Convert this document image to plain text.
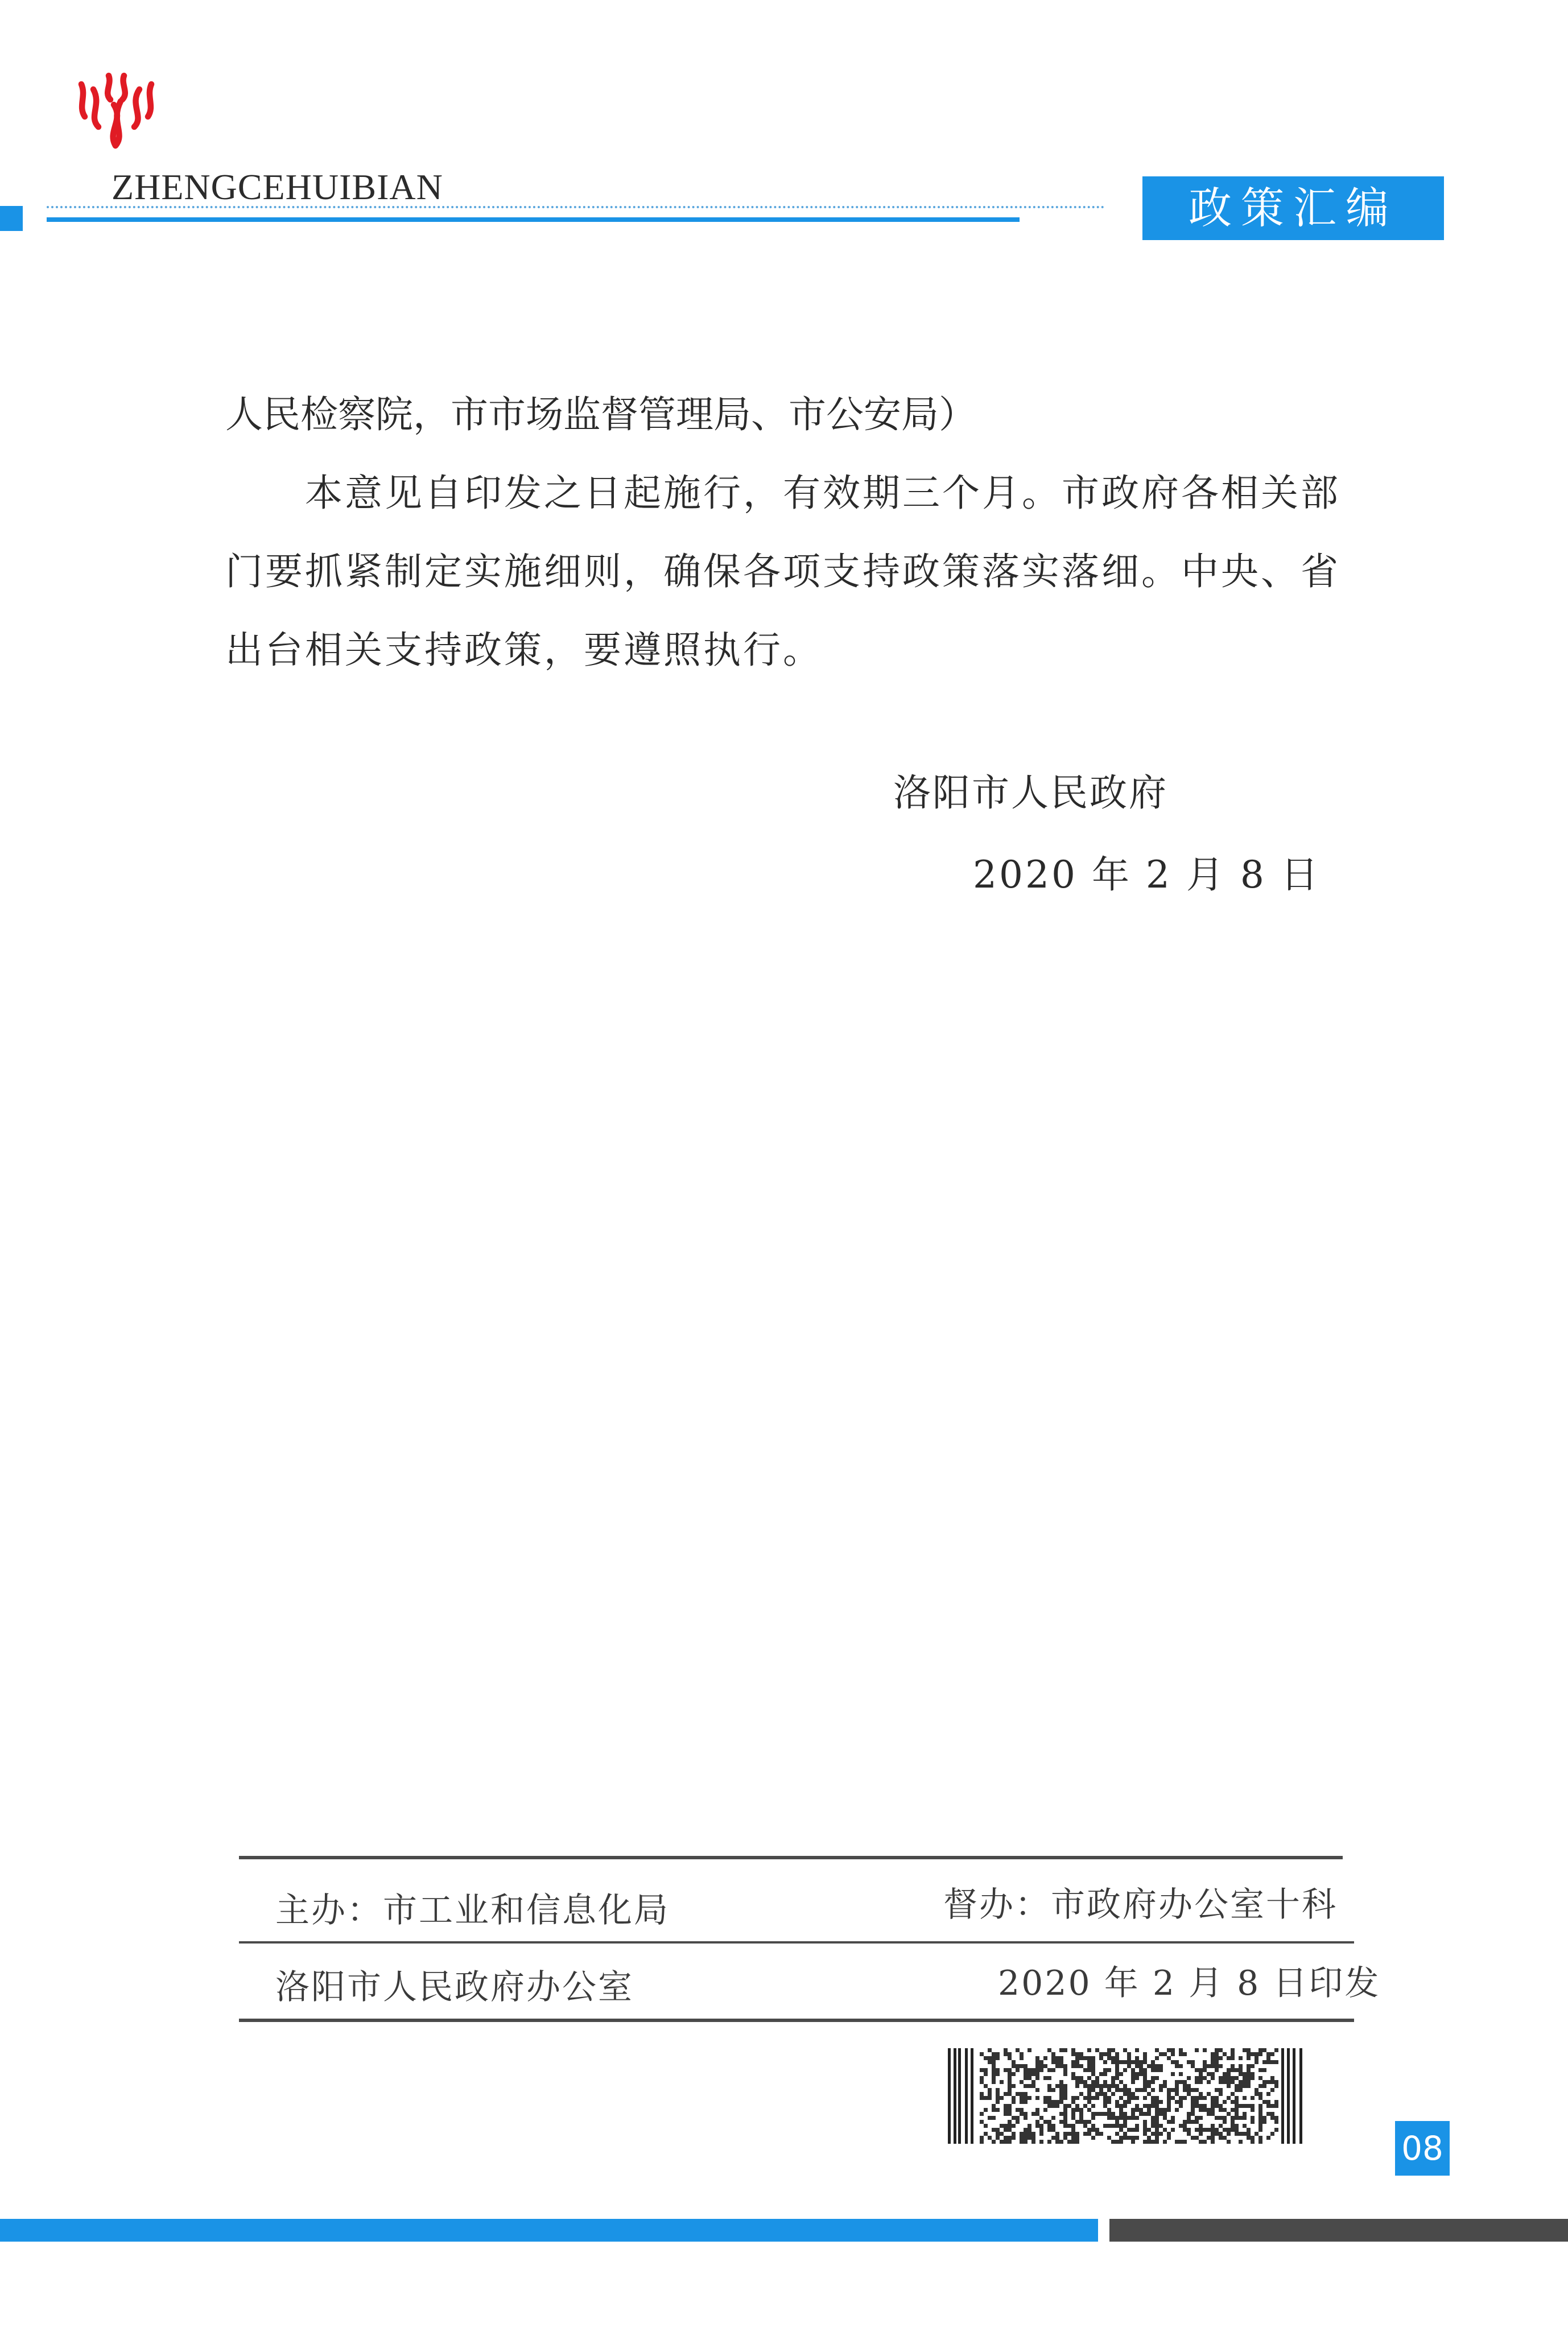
ZHENGCEHUIBIAN	政策汇编

人民检察院，市市场监督管理局、市公安局）

本意见自印发之日起施行，有效期三个月。市政府各相关部门要抓紧制定实施细则，确保各项支持政策落实落细。中央、省出台相关支持政策，要遵照执行。

洛阳市人民政府
2020 年 2 月 8 日
主办：市工业和信息化局	督办：市政府办公室十科
洛阳市人民政府办公室	2020 年 2 月 8 日印发
08
